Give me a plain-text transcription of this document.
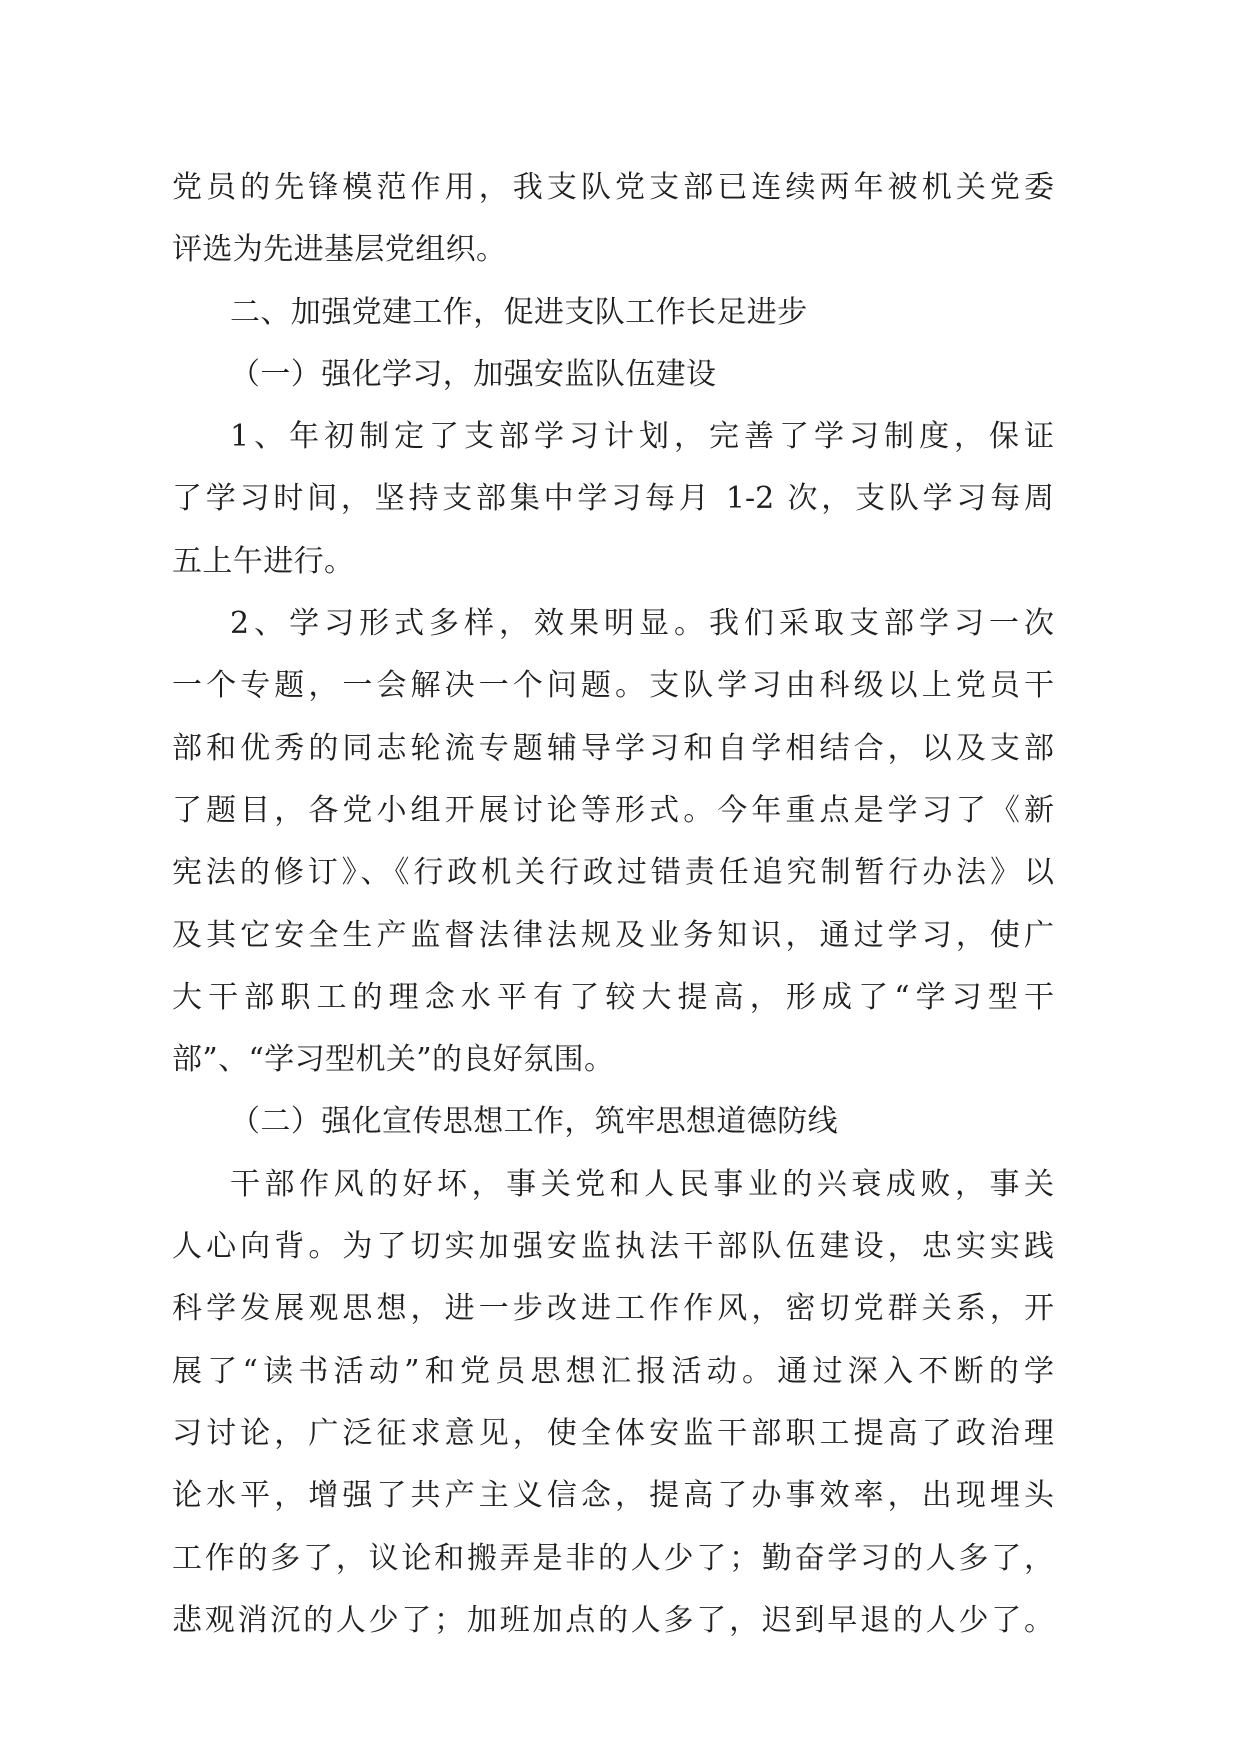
党员的先锋模范作用，我支队党支部已连续两年被机关党委
评选为先进基层党组织。
二、加强党建工作，促进支队工作长足进步
（一）强化学习，加强安监队伍建设
1、年初制定了支部学习计划，完善了学习制度，保证
了学习时间，坚持支部集中学习每月 1-2 次，支队学习每周
五上午进行。
2、学习形式多样，效果明显。我们采取支部学习一次
一个专题，一会解决一个问题。支队学习由科级以上党员干
部和优秀的同志轮流专题辅导学习和自学相结合，以及支部
了题目，各党小组开展讨论等形式。今年重点是学习了《新
宪法的修订》、《行政机关行政过错责任追究制暂行办法》以
及其它安全生产监督法律法规及业务知识，通过学习，使广
大干部职工的理念水平有了较大提高，形成了“学习型干
部”、“学习型机关”的良好氛围。
（二）强化宣传思想工作，筑牢思想道德防线
干部作风的好坏，事关党和人民事业的兴衰成败，事关
人心向背。为了切实加强安监执法干部队伍建设，忠实实践
科学发展观思想，进一步改进工作作风，密切党群关系，开
展了“读书活动”和党员思想汇报活动。通过深入不断的学
习讨论，广泛征求意见，使全体安监干部职工提高了政治理
论水平，增强了共产主义信念，提高了办事效率，出现埋头
工作的多了，议论和搬弄是非的人少了；勤奋学习的人多了，
悲观消沉的人少了；加班加点的人多了，迟到早退的人少了。
